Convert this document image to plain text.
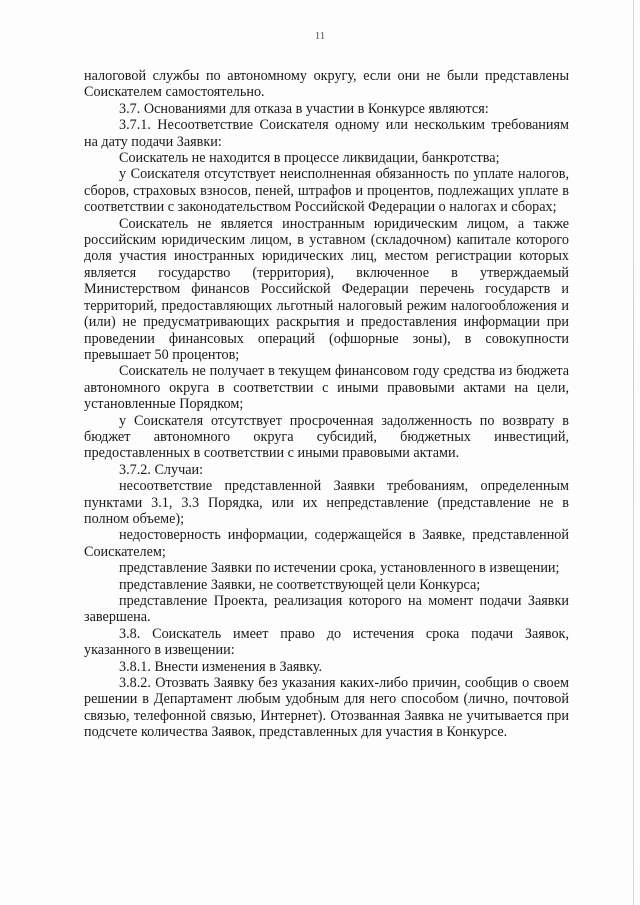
11

налоговой службы по автономному округу, если они не были представлены Соискателем самостоятельно.

3.7. Основаниями для отказа в участии в Конкурсе являются:

3.7.1. Несоответствие Соискателя одному или нескольким требованиям на дату подачи Заявки:

Соискатель не находится в процессе ликвидации, банкротства;

у Соискателя отсутствует неисполненная обязанность по уплате налогов, сборов, страховых взносов, пеней, штрафов и процентов, подлежащих уплате в соответствии с законодательством Российской Федерации о налогах и сборах;

Соискатель не является иностранным юридическим лицом, а также российским юридическим лицом, в уставном (складочном) капитале которого доля участия иностранных юридических лиц, местом регистрации которых является государство (территория), включенное в утверждаемый Министерством финансов Российской Федерации перечень государств и территорий, предоставляющих льготный налоговый режим налогообложения и (или) не предусматривающих раскрытия и предоставления информации при проведении финансовых операций (офшорные зоны), в совокупности превышает 50 процентов;

Соискатель не получает в текущем финансовом году средства из бюджета автономного округа в соответствии с иными правовыми актами на цели, установленные Порядком;

у Соискателя отсутствует просроченная задолженность по возврату в бюджет автономного округа субсидий, бюджетных инвестиций, предоставленных в соответствии с иными правовыми актами.

3.7.2. Случаи:

несоответствие представленной Заявки требованиям, определенным пунктами 3.1, 3.3 Порядка, или их непредставление (представление не в полном объеме);

недостоверность информации, содержащейся в Заявке, представленной Соискателем;

представление Заявки по истечении срока, установленного в извещении;

представление Заявки, не соответствующей цели Конкурса;

представление Проекта, реализация которого на момент подачи Заявки завершена.

3.8. Соискатель имеет право до истечения срока подачи Заявок, указанного в извещении:

3.8.1. Внести изменения в Заявку.

3.8.2. Отозвать Заявку без указания каких-либо причин, сообщив о своем решении в Департамент любым удобным для него способом (лично, почтовой связью, телефонной связью, Интернет). Отозванная Заявка не учитывается при подсчете количества Заявок, представленных для участия в Конкурсе.
